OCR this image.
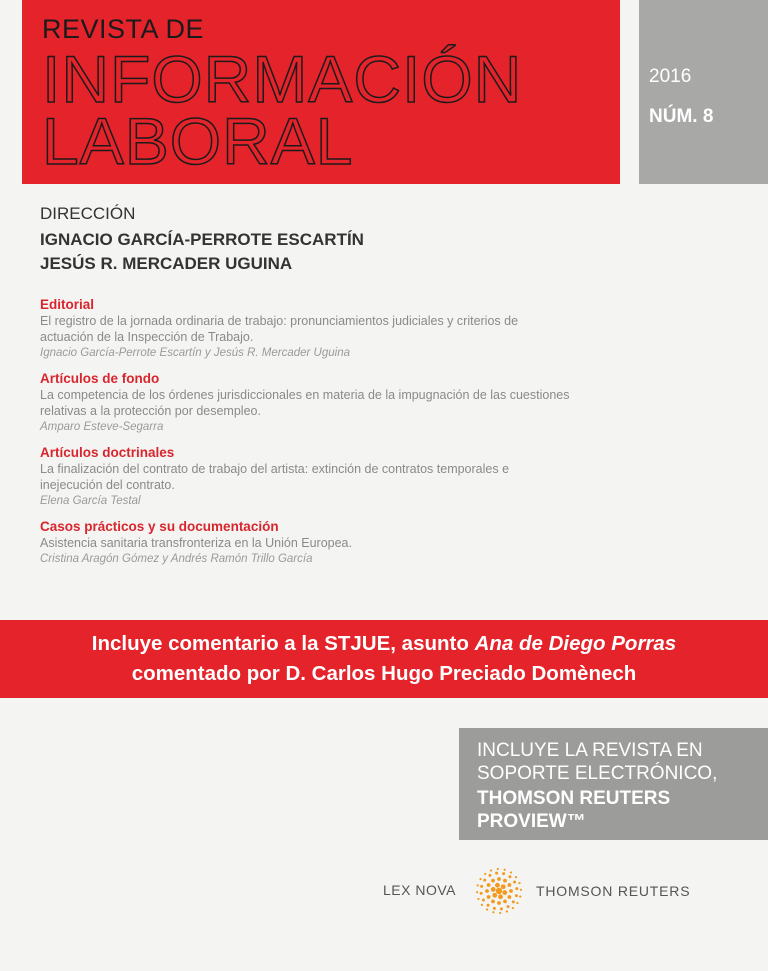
REVISTA DE
INFORMACIÓN
LABORAL
2016
NÚM. 8
DIRECCIÓN
IGNACIO GARCÍA-PERROTE ESCARTÍN
JESÚS R. MERCADER UGUINA
Editorial
El registro de la jornada ordinaria de trabajo: pronunciamientos judiciales y criterios de
actuación de la Inspección de Trabajo.
Ignacio García-Perrote Escartín y Jesús R. Mercader Uguina
Artículos de fondo
La competencia de los órdenes jurisdiccionales en materia de la impugnación de las cuestiones
relativas a la protección por desempleo.
Amparo Esteve-Segarra
Artículos doctrinales
La finalización del contrato de trabajo del artista: extinción de contratos temporales e
inejecución del contrato.
Elena García Testal
Casos prácticos y su documentación
Asistencia sanitaria transfronteriza en la Unión Europea.
Cristina Aragón Gómez y Andrés Ramón Trillo García
Incluye comentario a la STJUE, asunto Ana de Diego Porras
comentado por D. Carlos Hugo Preciado Domènech
INCLUYE LA REVISTA EN
SOPORTE ELECTRÓNICO,
THOMSON REUTERS
PROVIEW™
LEX NOVA	THOMSON REUTERS
